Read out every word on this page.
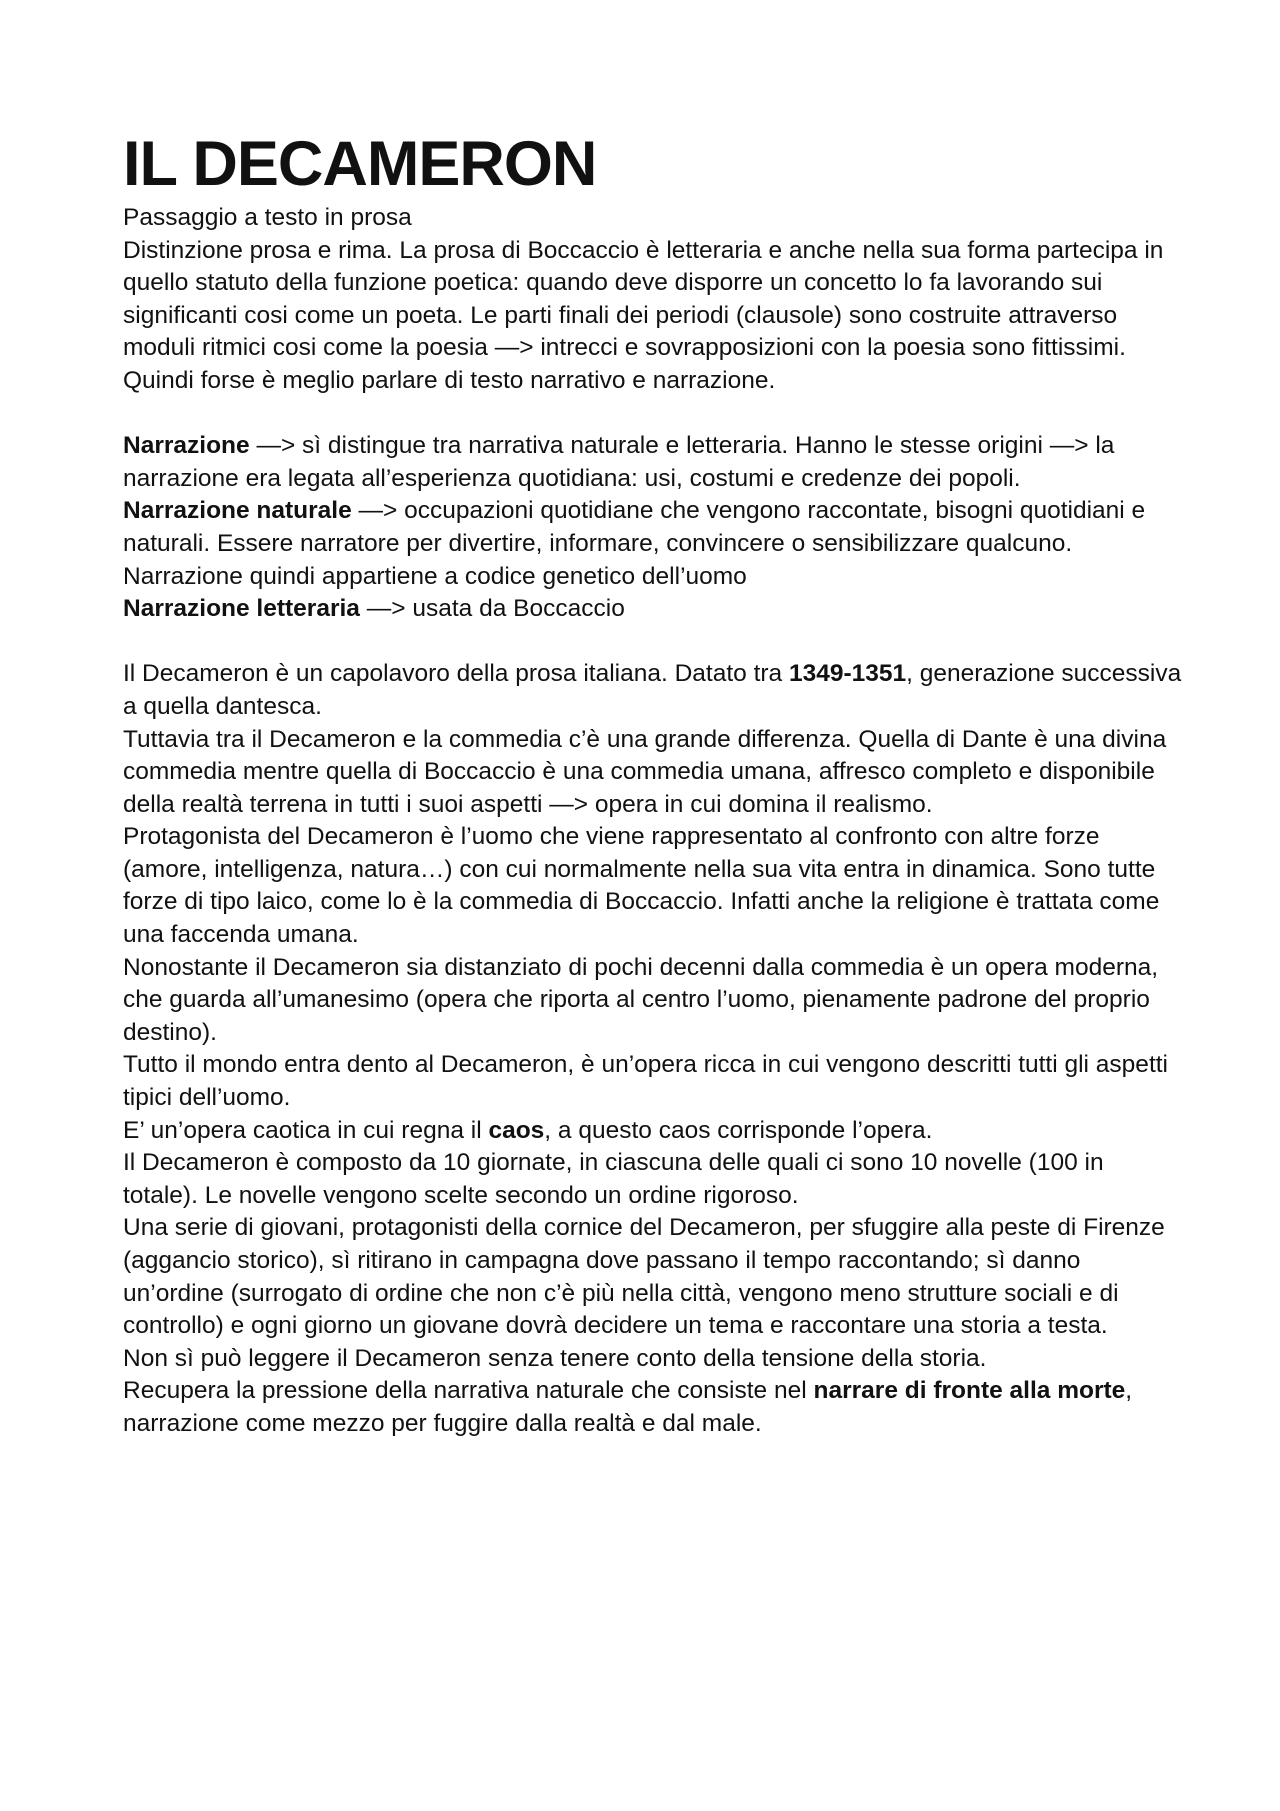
IL DECAMERON

Passaggio a testo in prosa

Distinzione prosa e rima. La prosa di Boccaccio è letteraria e anche nella sua forma partecipa in quello statuto della funzione poetica: quando deve disporre un concetto lo fa lavorando sui significanti cosi come un poeta. Le parti finali dei periodi (clausole) sono costruite attraverso moduli ritmici cosi come la poesia —> intrecci e sovrapposizioni con la poesia sono fittissimi.

Quindi forse è meglio parlare di testo narrativo e narrazione.

Narrazione —> sì distingue tra narrativa naturale e letteraria. Hanno le stesse origini —> la narrazione era legata all’esperienza quotidiana: usi, costumi e credenze dei popoli.

Narrazione naturale —> occupazioni quotidiane che vengono raccontate, bisogni quotidiani e naturali. Essere narratore per divertire, informare, convincere o sensibilizzare qualcuno. Narrazione quindi appartiene a codice genetico dell’uomo

Narrazione letteraria —> usata da Boccaccio

Il Decameron è un capolavoro della prosa italiana. Datato tra 1349-1351, generazione successiva a quella dantesca.

Tuttavia tra il Decameron e la commedia c’è una grande differenza. Quella di Dante è una divina commedia mentre quella di Boccaccio è una commedia umana, affresco completo e disponibile della realtà terrena in tutti i suoi aspetti —> opera in cui domina il realismo.

Protagonista del Decameron è l’uomo che viene rappresentato al confronto con altre forze (amore, intelligenza, natura…) con cui normalmente nella sua vita entra in dinamica. Sono tutte forze di tipo laico, come lo è la commedia di Boccaccio. Infatti anche la religione è trattata come una faccenda umana.

Nonostante il Decameron sia distanziato di pochi decenni dalla commedia è un opera moderna, che guarda all’umanesimo (opera che riporta al centro l’uomo, pienamente padrone del proprio destino).

Tutto il mondo entra dento al Decameron, è un’opera ricca in cui vengono descritti tutti gli aspetti tipici dell’uomo.

E’ un’opera caotica in cui regna il caos, a questo caos corrisponde l’opera.

Il Decameron è composto da 10 giornate, in ciascuna delle quali ci sono 10 novelle (100 in totale). Le novelle vengono scelte secondo un ordine rigoroso.

Una serie di giovani, protagonisti della cornice del Decameron, per sfuggire alla peste di Firenze (aggancio storico), sì ritirano in campagna dove passano il tempo raccontando; sì danno un’ordine (surrogato di ordine che non c’è più nella città, vengono meno strutture sociali e di controllo) e ogni giorno un giovane dovrà decidere un tema e raccontare una storia a testa.

Non sì può leggere il Decameron senza tenere conto della tensione della storia.

Recupera la pressione della narrativa naturale che consiste nel narrare di fronte alla morte, narrazione come mezzo per fuggire dalla realtà e dal male.
